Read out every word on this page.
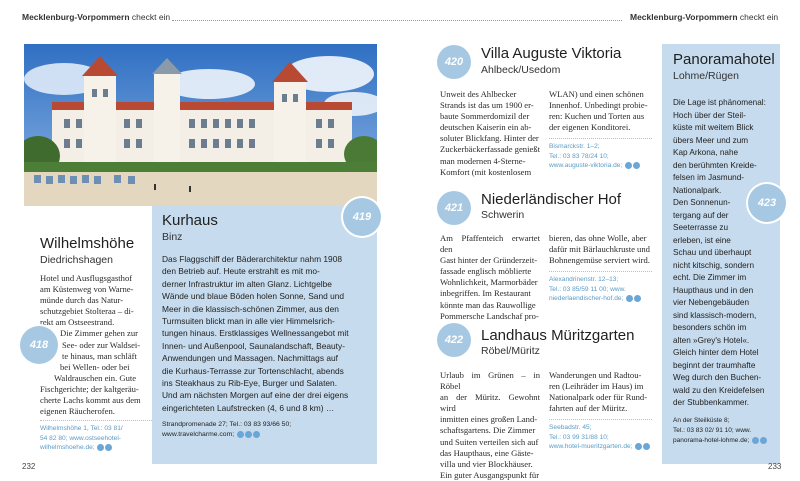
Mecklenburg-Vorpommern checkt ein	Mecklenburg-Vorpommern checkt ein
Wilhelmshöhe
Diedrichshagen
Hotel und Ausflugsgasthof
am Küstenweg von Warne-
münde durch das Natur-
schutzgebiet Stolteraa – di-
rekt am Ostseestrand.
Die Zimmer gehen zur
See- oder zur Waldsei-
te hinaus, man schläft
bei Wellen- oder bei
Waldrauschen ein. Gute
Fischgerichte; der kaltgeräu-
cherte Lachs kommt aus dem
eigenen Räucherofen.
418
Wilhelmshöhe 1, Tel.: 03 81/
54 82 80; www.ostseehotel-
wilhelmshoehe.de;
Kurhaus
Binz
419
Das Flaggschiff der Bäderarchitektur nahm 1908
den Betrieb auf. Heute erstrahlt es mit mo-
derner Infrastruktur im alten Glanz. Lichtgelbe
Wände und blaue Böden holen Sonne, Sand und
Meer in die klassisch-schönen Zimmer, aus den
Turmsuiten blickt man in alle vier Himmelsrich-
tungen hinaus. Erstklassiges Wellnessangebot mit
Innen- und Außenpool, Saunalandschaft, Beauty-
Anwendungen und Massagen. Nachmittags auf
die Kurhaus-Terrasse zur Tortenschlacht, abends
ins Steakhaus zu Rib-Eye, Burger und Salaten.
Und am nächsten Morgen auf eine der drei eigens
eingerichteten Laufstrecken (4, 6 und 8 km) …
Strandpromenade 27; Tel.: 03 83 93/66 50;
www.travelcharme.com;
232
420	Villa Auguste Viktoria
Ahlbeck/Usedom
Unweit des Ahlbecker
Strands ist das um 1900 er-
baute Sommerdomizil der
deutschen Kaiserin ein ab-
soluter Blickfang. Hinter der
Zuckerbäckerfassade genießt
man modernen 4-Sterne-
Komfort (mit kostenlosem
WLAN) und einen schönen
Innenhof. Unbedingt probie-
ren: Kuchen und Torten aus
der eigenen Konditorei.
Bismarckstr. 1–2;
Tel.: 03 83 78/24 10;
www.auguste-viktoria.de;
421	Niederländischer Hof
Schwerin
Am Pfaffenteich erwartet den
Gast hinter der Gründerzeit-
fassade englisch möblierte
Wohnlichkeit, Marmorbäder
inbegriffen. Im Restaurant
könnte man das Rauwollige
Pommersche Landschaf pro-
bieren, das ohne Wolle, aber
dafür mit Bärlauchkruste und
Bohnengemüse serviert wird.
Alexandrinenstr. 12–13;
Tel.: 03 85/59 11 00; www.
niederlaendischer-hof.de;
422	Landhaus Müritzgarten
Röbel/Müritz
Urlaub im Grünen – in Röbel
an der Müritz. Gewohnt wird
inmitten eines großen Land-
schaftsgartens. Die Zimmer
und Suiten verteilen sich auf
das Haupthaus, eine Gäste-
villa und vier Blockhäuser.
Ein guter Ausgangspunkt für
Wanderungen und Radtou-
ren (Leihräder im Haus) im
Nationalpark oder für Rund-
fahrten auf der Müritz.
Seebadstr. 45;
Tel.: 03 99 31/88 10;
www.hotel-mueritzgarten.de;
Panoramahotel
Lohme/Rügen
Die Lage ist phänomenal:
Hoch über der Steil-
küste mit weitem Blick
übers Meer und zum
Kap Arkona, nahe
den berühmten Kreide-
felsen im Jasmund-
Nationalpark.
Den Sonnenun-
tergang auf der
Seeterrasse zu
erleben, ist eine
Schau und überhaupt
nicht kitschig, sondern
echt. Die Zimmer im
Haupthaus und in den
vier Nebengebäuden
sind klassisch-modern,
besonders schön im
alten »Grey's Hotel«.
Gleich hinter dem Hotel
beginnt der traumhafte
Weg durch den Buchen-
wald zu den Kreidefelsen
der Stubbenkammer.
423
An der Steilküste 8;
Tel.: 03 83 02/ 91 10; www.
panorama-hotel-lohme.de;
233
